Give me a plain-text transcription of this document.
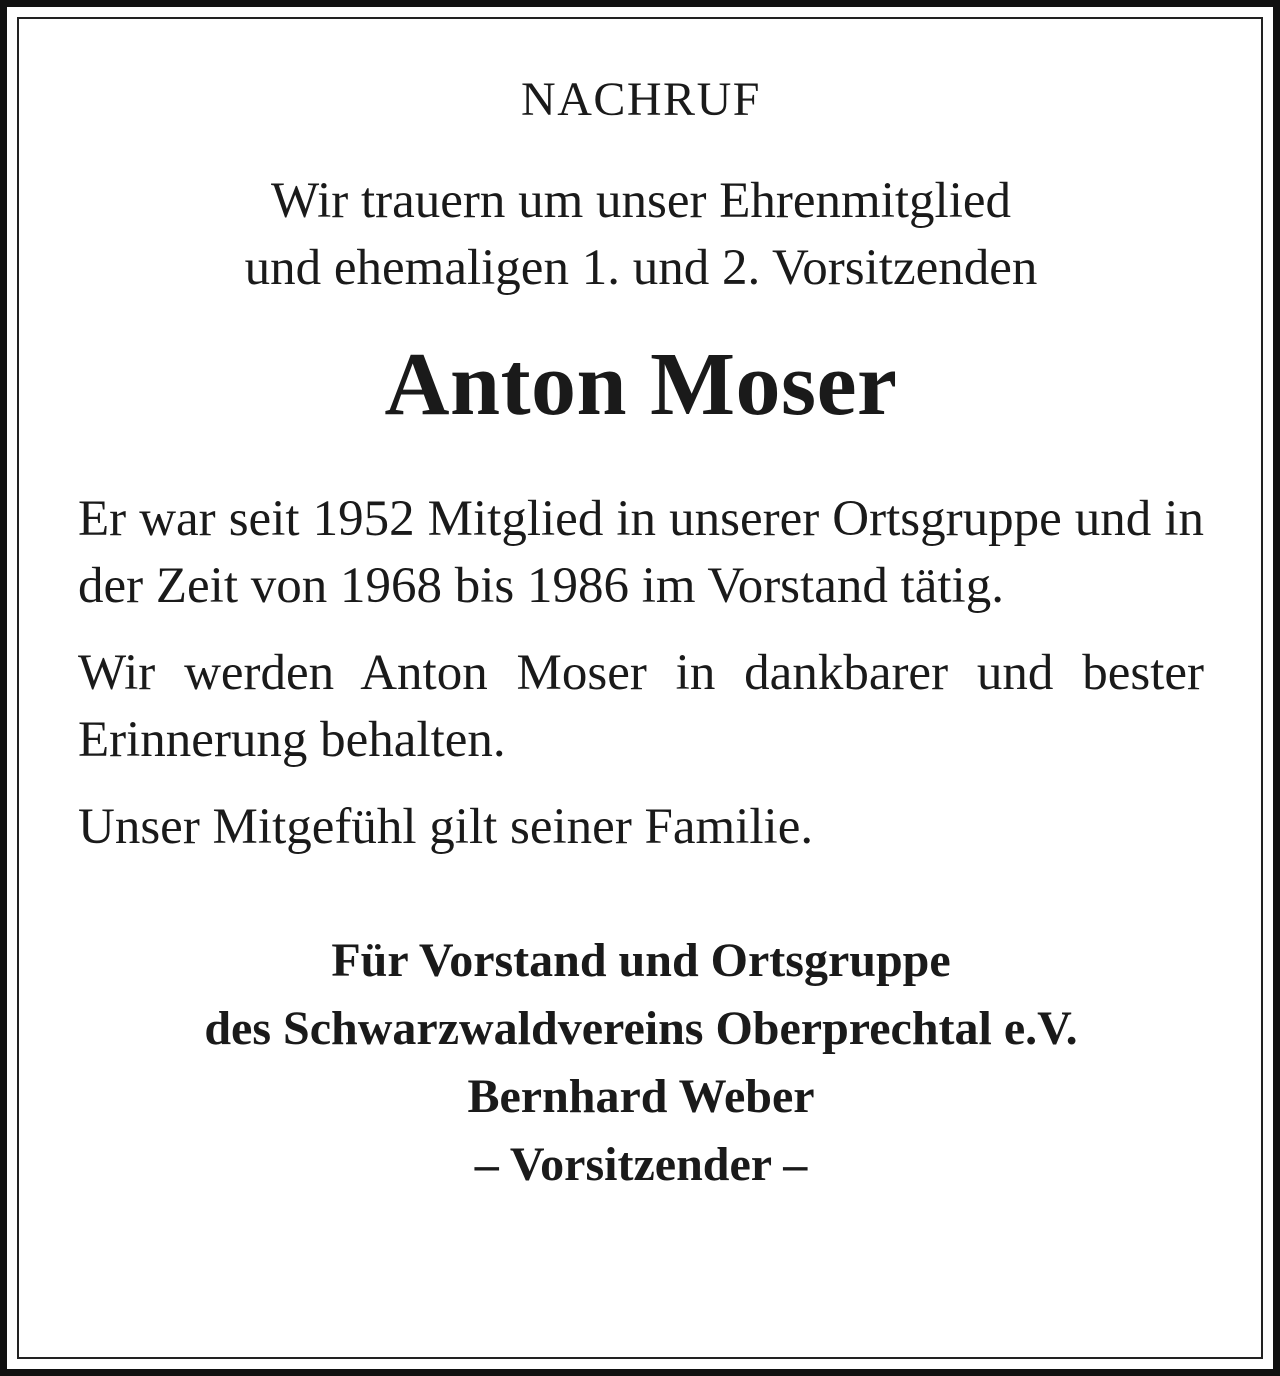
NACHRUF
Wir trauern um unser Ehrenmitglied
und ehemaligen 1. und 2. Vorsitzenden
Anton Moser

Er war seit 1952 Mitglied in unserer Ortsgruppe und in der Zeit von 1968 bis 1986 im Vorstand tätig.

Wir werden Anton Moser in dankbarer und bester Erinnerung behalten.

Unser Mitgefühl gilt seiner Familie.

Für Vorstand und Ortsgruppe
des Schwarzwaldvereins Oberprechtal e.V.
Bernhard Weber
– Vorsitzender –
